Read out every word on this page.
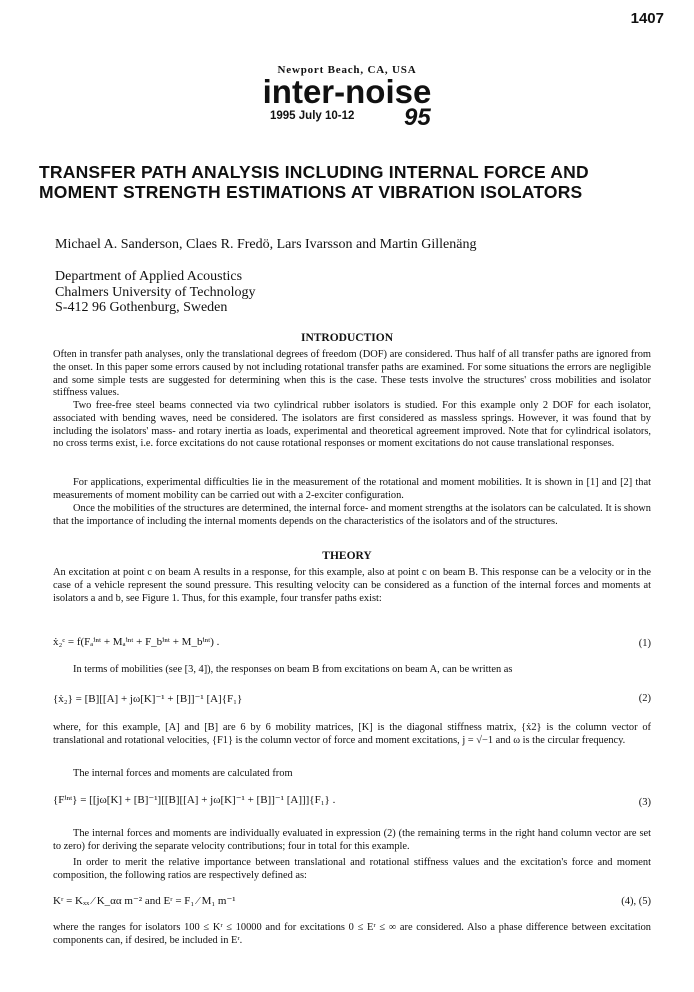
1407
Newport Beach, CA, USA
inter-noise
1995 July 10-12 95
TRANSFER PATH ANALYSIS INCLUDING INTERNAL FORCE AND MOMENT STRENGTH ESTIMATIONS AT VIBRATION ISOLATORS
Michael A. Sanderson, Claes R. Fredö, Lars Ivarsson and Martin Gillenäng
Department of Applied Acoustics
Chalmers University of Technology
S-412 96 Gothenburg, Sweden
INTRODUCTION
Often in transfer path analyses, only the translational degrees of freedom (DOF) are considered. Thus half of all transfer paths are ignored from the onset. In this paper some errors caused by not including rotational transfer paths are examined. For some situations the errors are negligible and some simple tests are suggested for determining when this is the case. These tests involve the structures' cross mobilities and isolator stiffness values.
Two free-free steel beams connected via two cylindrical rubber isolators is studied. For this example only 2 DOF for each isolator, associated with bending waves, need be considered. The isolators are first considered as massless springs. However, it was found that by including the isolators' mass- and rotary inertia as loads, experimental and theoretical agreement improved. Note that for cylindrical isolators, no cross terms exist, i.e. force excitations do not cause rotational responses or moment excitations do not cause translational responses.
For applications, experimental difficulties lie in the measurement of the rotational and moment mobilities. It is shown in [1] and [2] that measurements of moment mobility can be carried out with a 2-exciter configuration.
Once the mobilities of the structures are determined, the internal force- and moment strengths at the isolators can be calculated. It is shown that the importance of including the internal moments depends on the characteristics of the isolators and of the structures.
THEORY
An excitation at point c on beam A results in a response, for this example, also at point c on beam B. This response can be a velocity or in the case of a vehicle represent the sound pressure. This resulting velocity can be considered as a function of the internal forces and moments at isolators a and b, see Figure 1. Thus, for this example, four transfer paths exist:
ẋ₂ᶜ = f(Fₐⁱⁿᵗ + Mₐⁱⁿᵗ + F_bⁱⁿᵗ + M_bⁱⁿᵗ) .	(1)
In terms of mobilities (see [3, 4]), the responses on beam B from excitations on beam A, can be written as
{ẋ₂} = [B][[A] + jω[K]⁻¹ + [B]]⁻¹ [A]{F₁}	(2)
where, for this example, [A] and [B] are 6 by 6 mobility matrices, [K] is the diagonal stiffness matrix, {ẋ2} is the column vector of translational and rotational velocities, {F1} is the column vector of force and moment excitations, j = √−1 and ω is the circular frequency.
The internal forces and moments are calculated from
{Fⁱⁿᵗ} = [[jω[K] + [B]⁻¹][[B][[A] + jω[K]⁻¹ + [B]]⁻¹ [A]]]{F₁} .	(3)
The internal forces and moments are individually evaluated in expression (2) (the remaining terms in the right hand column vector are set to zero) for deriving the separate velocity contributions; four in total for this example.
In order to merit the relative importance between translational and rotational stiffness values and the excitation's force and moment composition, the following ratios are respectively defined as:
Kʳ = Kₓₓ ⁄ K_αα m⁻² and Eʳ = F₁ ⁄ M₁ m⁻¹	(4), (5)
where the ranges for isolators 100 ≤ Kʳ ≤ 10000 and for excitations 0 ≤ Eʳ ≤ ∞ are considered. Also a phase difference between excitation components can, if desired, be included in Eʳ.
